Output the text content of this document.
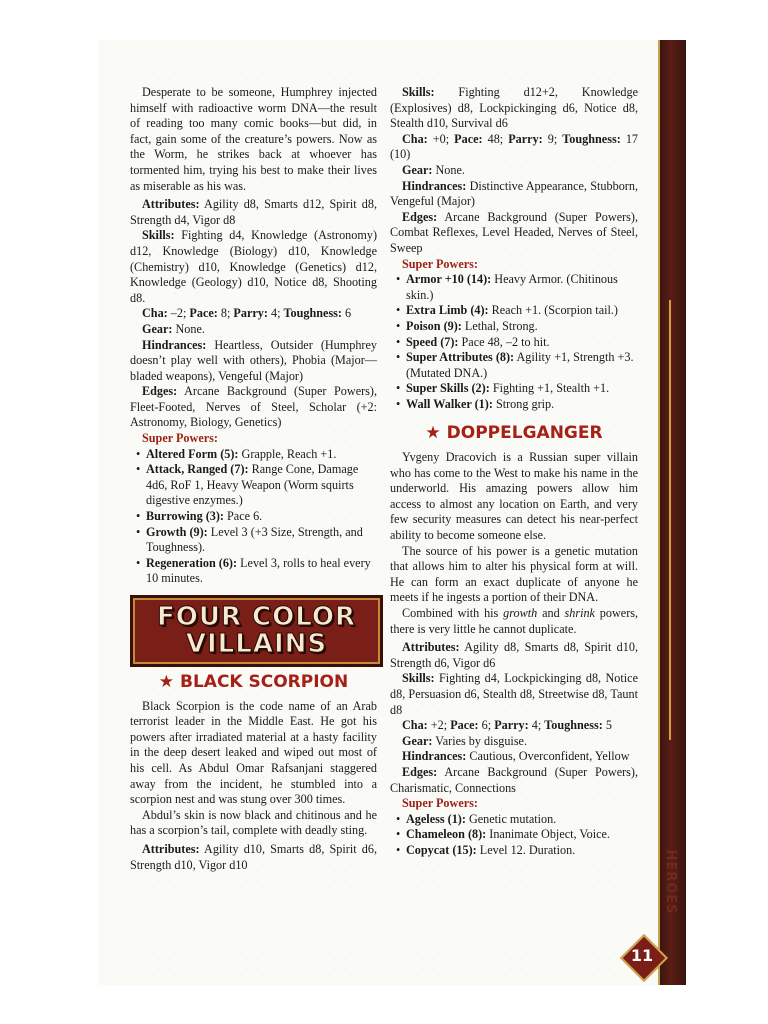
HEROES
11

Desperate to be someone, Humphrey injected himself with radioactive worm DNA—the result of reading too many comic books—but did, in fact, gain some of the creature’s powers. Now as the Worm, he strikes back at whoever has tormented him, trying his best to make their lives as miserable as his was.

Attributes: Agility d8, Smarts d12, Spirit d8, Strength d4, Vigor d8

Skills: Fighting d4, Knowledge (Astronomy) d12, Knowledge (Biology) d10, Knowledge (Chemistry) d10, Knowledge (Genetics) d12, Knowledge (Geology) d10, Notice d8, Shooting d8.

Cha: –2; Pace: 8; Parry: 4; Toughness: 6

Gear: None.

Hindrances: Heartless, Outsider (Humphrey doesn’t play well with others), Phobia (Major—bladed weapons), Vengeful (Major)

Edges: Arcane Background (Super Powers), Fleet-Footed, Nerves of Steel, Scholar (+2: Astronomy, Biology, Genetics)

Super Powers:

• Altered Form (5): Grapple, Reach +1.
• Attack, Ranged (7): Range Cone, Damage 4d6, RoF 1, Heavy Weapon (Worm squirts digestive enzymes.)
• Burrowing (3): Pace 6.
• Growth (9): Level 3 (+3 Size, Strength, and Toughness).
• Regeneration (6): Level 3, rolls to heal every 10 minutes.
FOUR COLOR VILLAINS
★ BLACK SCORPION

Black Scorpion is the code name of an Arab terrorist leader in the Middle East. He got his powers after irradiated material at a hasty facility in the deep desert leaked and wiped out most of his cell. As Abdul Omar Rafsanjani staggered away from the incident, he stumbled into a scorpion nest and was stung over 300 times.

Abdul’s skin is now black and chitinous and he has a scorpion’s tail, complete with deadly sting.

Attributes: Agility d10, Smarts d8, Spirit d6, Strength d10, Vigor d10

Skills: Fighting d12+2, Knowledge (Explosives) d8, Lockpickinging d6, Notice d8, Stealth d10, Survival d6

Cha: +0; Pace: 48; Parry: 9; Toughness: 17 (10)

Gear: None.

Hindrances: Distinctive Appearance, Stubborn, Vengeful (Major)

Edges: Arcane Background (Super Powers), Combat Reflexes, Level Headed, Nerves of Steel, Sweep

Super Powers:

• Armor +10 (14): Heavy Armor. (Chitinous skin.)
• Extra Limb (4): Reach +1. (Scorpion tail.)
• Poison (9): Lethal, Strong.
• Speed (7): Pace 48, –2 to hit.
• Super Attributes (8): Agility +1, Strength +3. (Mutated DNA.)
• Super Skills (2): Fighting +1, Stealth +1.
• Wall Walker (1): Strong grip.
★ DOPPELGANGER

Yvgeny Dracovich is a Russian super villain who has come to the West to make his name in the underworld. His amazing powers allow him access to almost any location on Earth, and very few security measures can detect his near-perfect ability to become someone else.

The source of his power is a genetic mutation that allows him to alter his physical form at will. He can form an exact duplicate of anyone he meets if he ingests a portion of their DNA.

Combined with his growth and shrink powers, there is very little he cannot duplicate.

Attributes: Agility d8, Smarts d8, Spirit d10, Strength d6, Vigor d6

Skills: Fighting d4, Lockpickinging d8, Notice d8, Persuasion d6, Stealth d8, Streetwise d8, Taunt d8

Cha: +2; Pace: 6; Parry: 4; Toughness: 5

Gear: Varies by disguise.

Hindrances: Cautious, Overconfident, Yellow

Edges: Arcane Background (Super Powers), Charismatic, Connections

Super Powers:

• Ageless (1): Genetic mutation.
• Chameleon (8): Inanimate Object, Voice.
• Copycat (15): Level 12. Duration.
